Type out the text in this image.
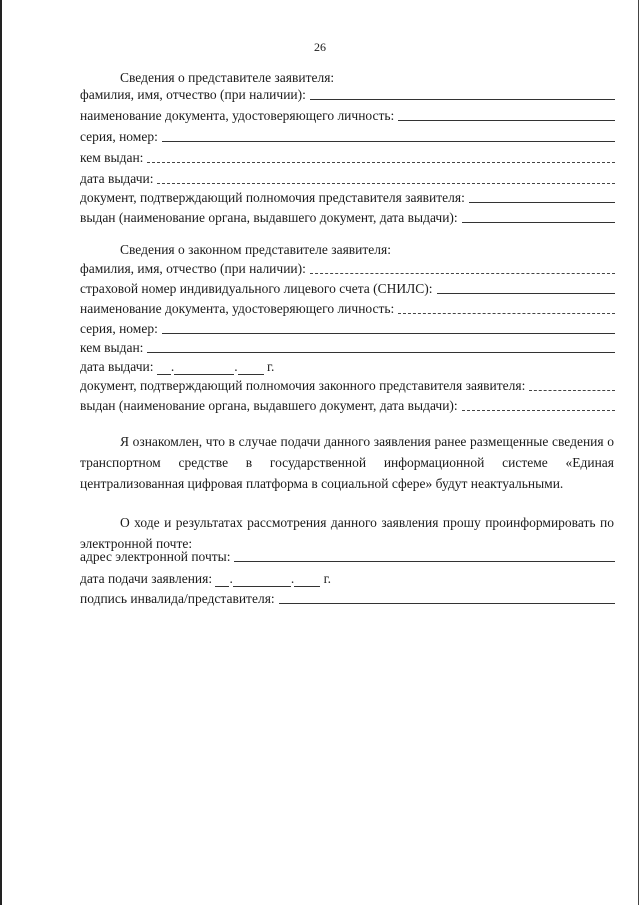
26
Сведения о представителе заявителя:
фамилия, имя, отчество (при наличии):
наименование документа, удостоверяющего личность:
серия, номер:
кем выдан:
дата выдачи:
документ, подтверждающий полномочия представителя заявителя:
выдан (наименование органа, выдавшего документ, дата выдачи):
Сведения о законном представителе заявителя:
фамилия, имя, отчество (при наличии):
страховой номер индивидуального лицевого счета (СНИЛС):
наименование документа, удостоверяющего личность:
серия, номер:
кем выдан:
дата выдачи: .	. г.
документ, подтверждающий полномочия законного представителя заявителя:
выдан (наименование органа, выдавшего документ, дата выдачи):
Я ознакомлен, что в случае подачи данного заявления ранее размещенные сведения о транспортном средстве в государственной информационной системе «Единая централизованная цифровая платформа в социальной сфере» будут неактуальными.
О ходе и результатах рассмотрения данного заявления прошу проинформировать по электронной почте:
адрес электронной почты:
дата подачи заявления: .	. г.
подпись инвалида/представителя:
